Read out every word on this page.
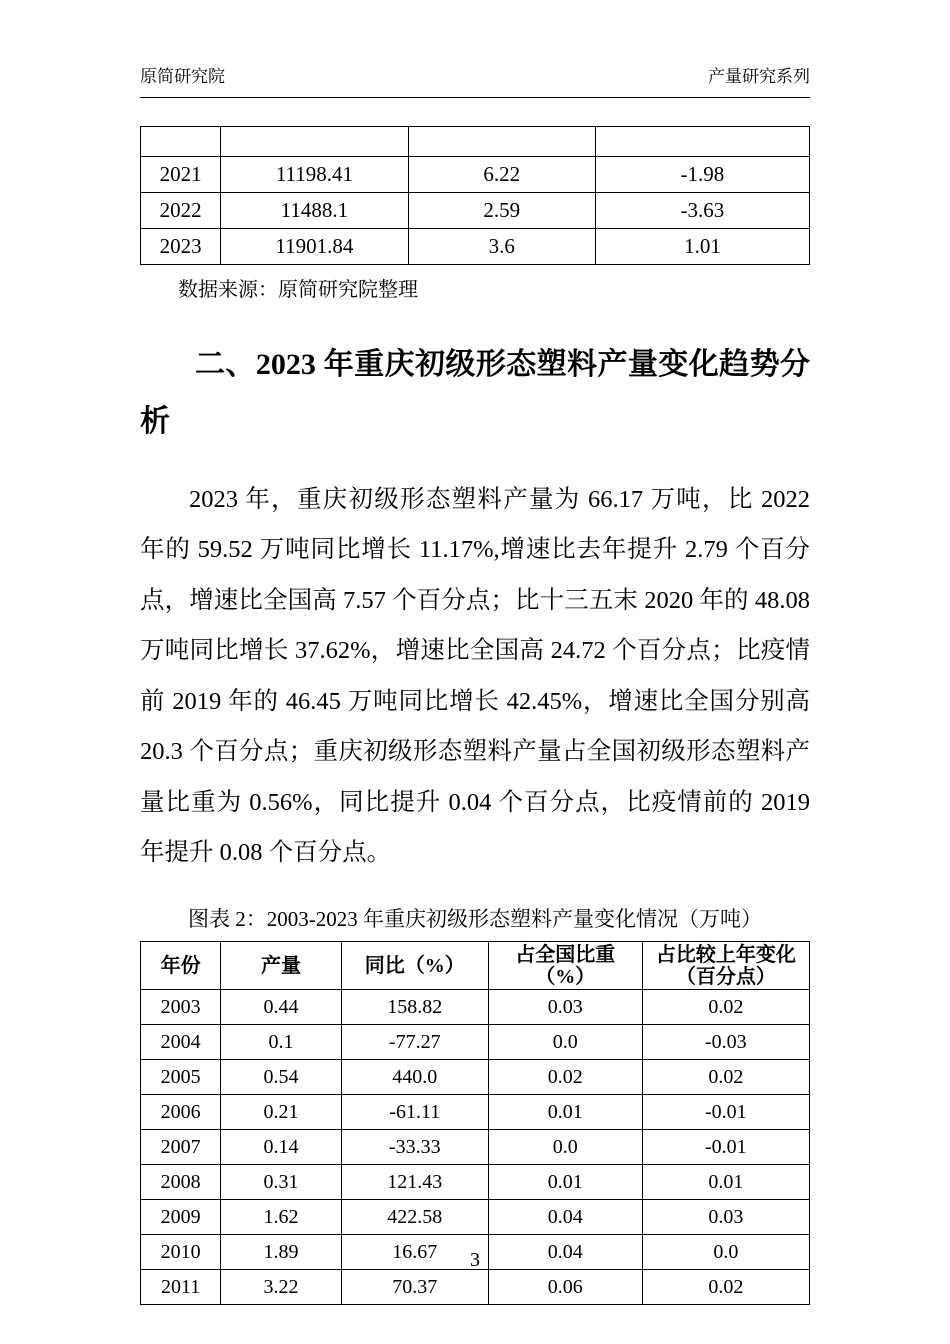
原简研究院	产量研究系列

2021	11198.41	6.22	-1.98
2022	11488.1	2.59	-3.63
2023	11901.84	3.6	1.01
数据来源：原简研究院整理
二、2023 年重庆初级形态塑料产量变化趋势分析

2023 年，重庆初级形态塑料产量为 66.17 万吨，比 2022 年的 59.52 万吨同比增长 11.17%,增速比去年提升 2.79 个百分点，增速比全国高 7.57 个百分点；比十三五末 2020 年的 48.08 万吨同比增长 37.62%，增速比全国高 24.72 个百分点；比疫情前 2019 年的 46.45 万吨同比增长 42.45%，增速比全国分别高 20.3 个百分点；重庆初级形态塑料产量占全国初级形态塑料产量比重为 0.56%，同比提升 0.04 个百分点，比疫情前的 2019 年提升 0.08 个百分点。

图表 2：2003-2023 年重庆初级形态塑料产量变化情况（万吨）
年份	产量	同比（%）	占全国比重（%）	占比较上年变化
（百分点）

2003	0.44	158.82	0.03	0.02
2004	0.1	-77.27	0.0	-0.03
2005	0.54	440.0	0.02	0.02
2006	0.21	-61.11	0.01	-0.01
2007	0.14	-33.33	0.0	-0.01
2008	0.31	121.43	0.01	0.01
2009	1.62	422.58	0.04	0.03
2010	1.89	16.67	0.04	0.0
2011	3.22	70.37	0.06	0.02
3
